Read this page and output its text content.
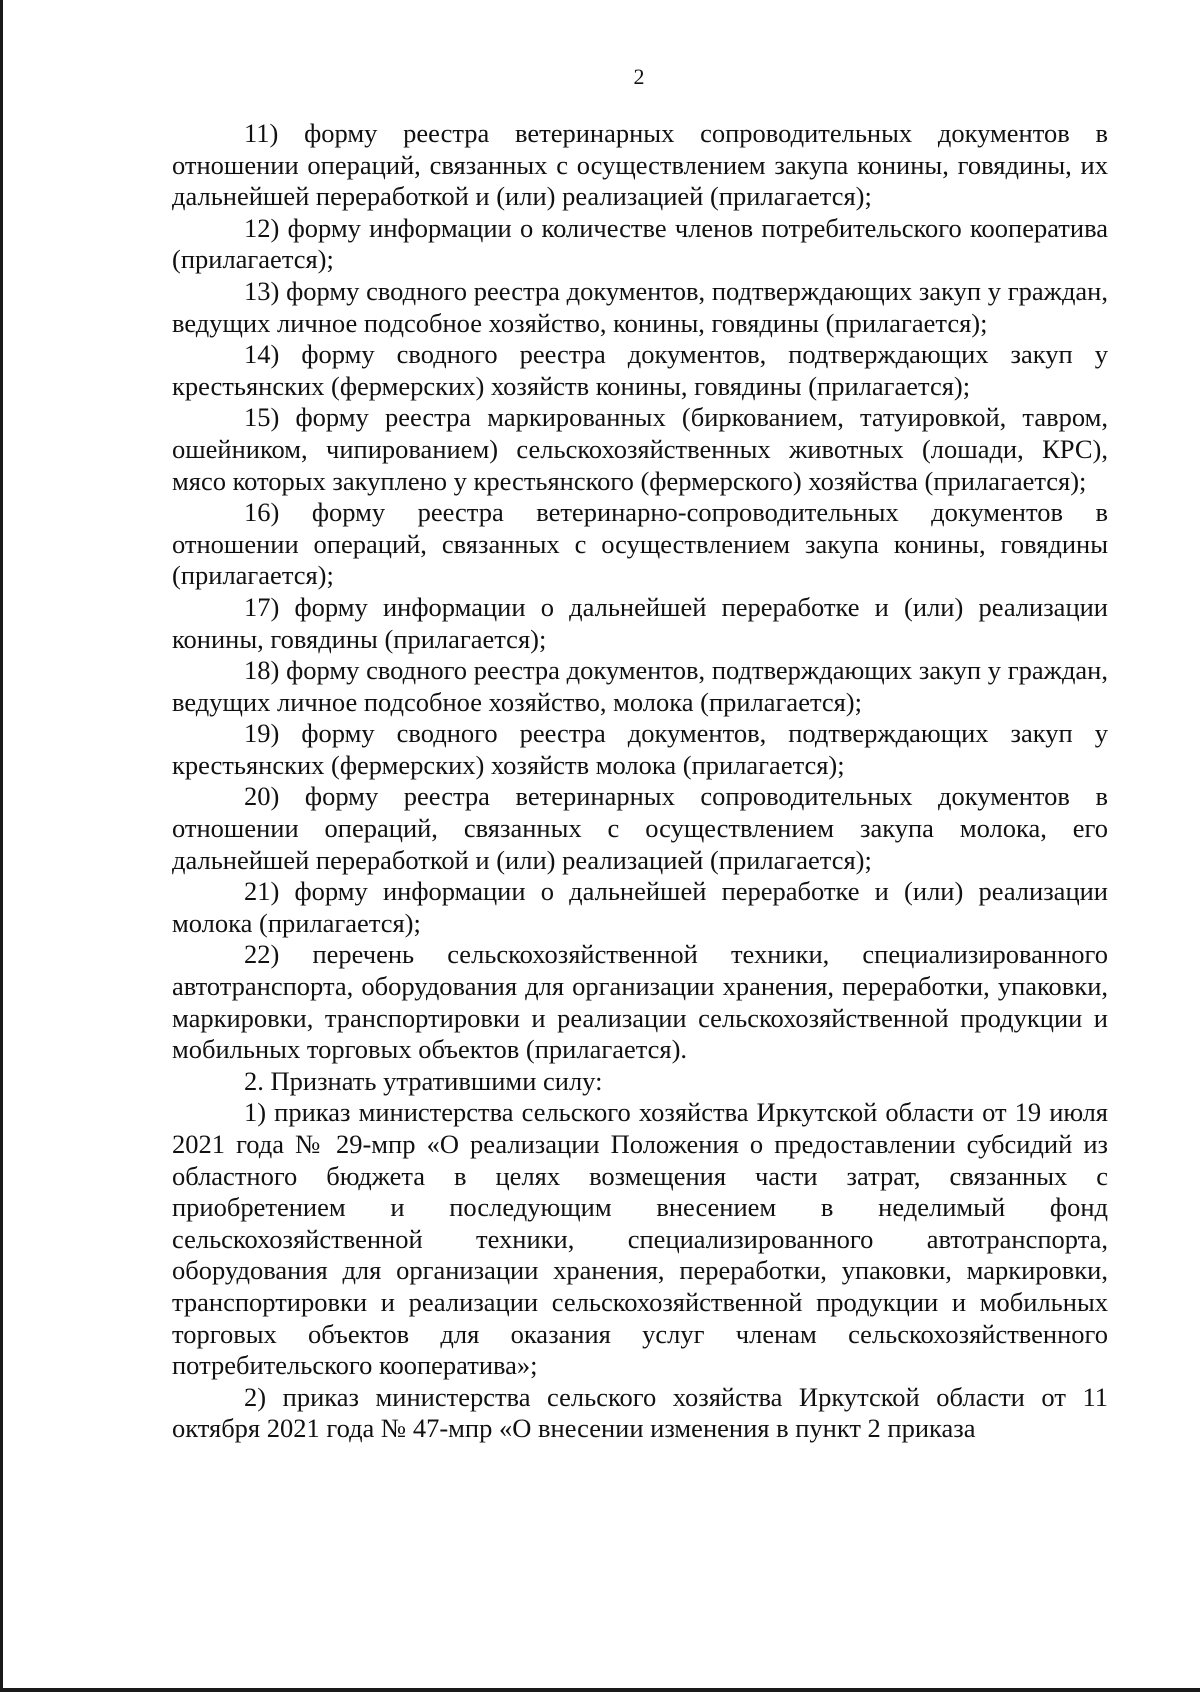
2

11) форму реестра ветеринарных сопроводительных документов в отношении операций, связанных с осуществлением закупа конины, говядины, их дальнейшей переработкой и (или) реализацией (прилагается);

12) форму информации о количестве членов потребительского кооператива (прилагается);

13) форму сводного реестра документов, подтверждающих закуп у граждан, ведущих личное подсобное хозяйство, конины, говядины (прилагается);

14) форму сводного реестра документов, подтверждающих закуп у крестьянских (фермерских) хозяйств конины, говядины (прилагается);

15) форму реестра маркированных (биркованием, татуировкой, тавром, ошейником, чипированием) сельскохозяйственных животных (лошади, КРС), мясо которых закуплено у крестьянского (фермерского) хозяйства (прилагается);

16) форму реестра ветеринарно-сопроводительных документов в отношении операций, связанных с осуществлением закупа конины, говядины (прилагается);

17) форму информации о дальнейшей переработке и (или) реализации конины, говядины (прилагается);

18) форму сводного реестра документов, подтверждающих закуп у граждан, ведущих личное подсобное хозяйство, молока (прилагается);

19) форму сводного реестра документов, подтверждающих закуп у крестьянских (фермерских) хозяйств молока (прилагается);

20) форму реестра ветеринарных сопроводительных документов в отношении операций, связанных с осуществлением закупа молока, его дальнейшей переработкой и (или) реализацией (прилагается);

21) форму информации о дальнейшей переработке и (или) реализации молока (прилагается);

22) перечень сельскохозяйственной техники, специализированного автотранспорта, оборудования для организации хранения, переработки, упаковки, маркировки, транспортировки и реализации сельскохозяйственной продукции и мобильных торговых объектов (прилагается).

2. Признать утратившими силу:

1) приказ министерства сельского хозяйства Иркутской области от 19 июля 2021 года № 29-мпр «О реализации Положения о предоставлении субсидий из областного бюджета в целях возмещения части затрат, связанных с приобретением и последующим внесением в неделимый фонд сельскохозяйственной техники, специализированного автотранспорта, оборудования для организации хранения, переработки, упаковки, маркировки, транспортировки и реализации сельскохозяйственной продукции и мобильных торговых объектов для оказания услуг членам сельскохозяйственного потребительского кооператива»;

2) приказ министерства сельского хозяйства Иркутской области от 11 октября 2021 года № 47-мпр «О внесении изменения в пункт 2 приказа
